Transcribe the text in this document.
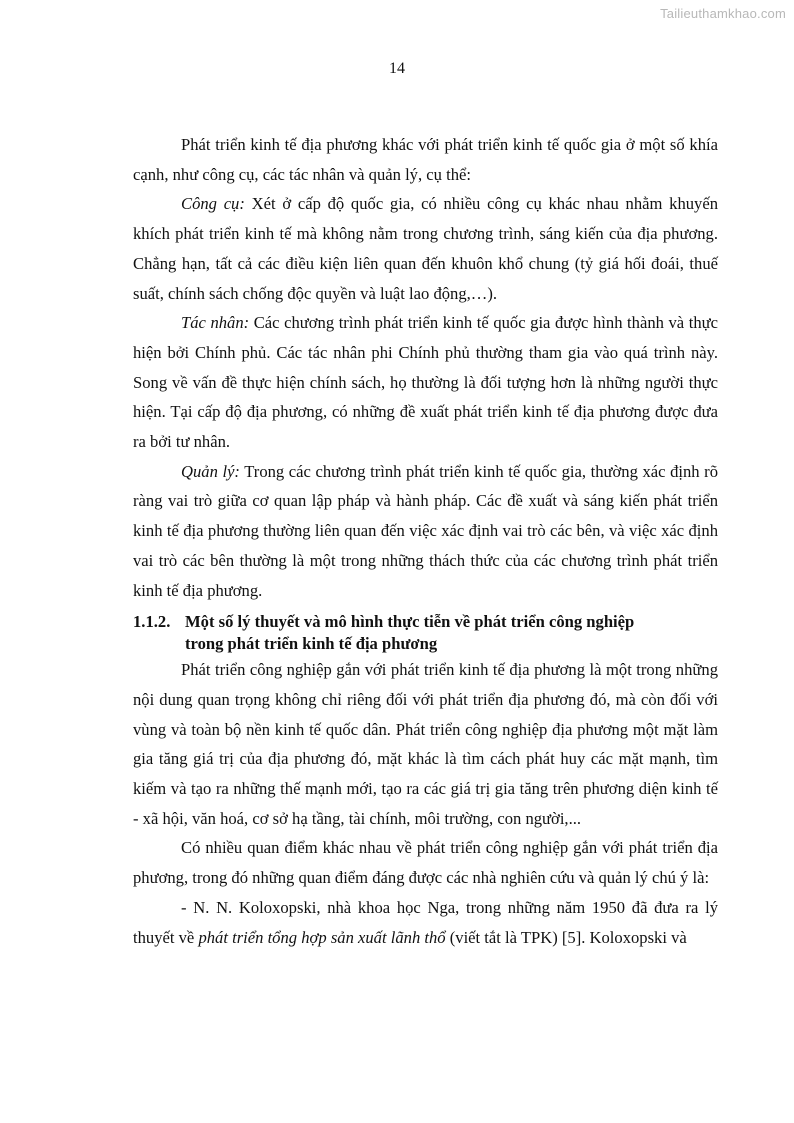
Tailieuthamkhao.com
14

Phát triển kinh tế địa phương khác với phát triển kinh tế quốc gia ở một số khía cạnh, như công cụ, các tác nhân và quản lý, cụ thể:

Công cụ: Xét ở cấp độ quốc gia, có nhiều công cụ khác nhau nhằm khuyến khích phát triển kinh tế mà không nằm trong chương trình, sáng kiến của địa phương. Chẳng hạn, tất cả các điều kiện liên quan đến khuôn khổ chung (tỷ giá hối đoái, thuế suất, chính sách chống độc quyền và luật lao động,…).

Tác nhân: Các chương trình phát triển kinh tế quốc gia được hình thành và thực hiện bởi Chính phủ. Các tác nhân phi Chính phủ thường tham gia vào quá trình này. Song về vấn đề thực hiện chính sách, họ thường là đối tượng hơn là những người thực hiện. Tại cấp độ địa phương, có những đề xuất phát triển kinh tế địa phương được đưa ra bởi tư nhân.

Quản lý: Trong các chương trình phát triển kinh tế quốc gia, thường xác định rõ ràng vai trò giữa cơ quan lập pháp và hành pháp. Các đề xuất và sáng kiến phát triển kinh tế địa phương thường liên quan đến việc xác định vai trò các bên, và việc xác định vai trò các bên thường là một trong những thách thức của các chương trình phát triển kinh tế địa phương.

1.1.2. Một số lý thuyết và mô hình thực tiễn về phát triển công nghiệp
trong phát triển kinh tế địa phương

Phát triển công nghiệp gắn với phát triển kinh tế địa phương là một trong những nội dung quan trọng không chỉ riêng đối với phát triển địa phương đó, mà còn đối với vùng và toàn bộ nền kinh tế quốc dân. Phát triển công nghiệp địa phương một mặt làm gia tăng giá trị của địa phương đó, mặt khác là tìm cách phát huy các mặt mạnh, tìm kiếm và tạo ra những thế mạnh mới, tạo ra các giá trị gia tăng trên phương diện kinh tế - xã hội, văn hoá, cơ sở hạ tầng, tài chính, môi trường, con người,...

Có nhiều quan điểm khác nhau về phát triển công nghiệp gắn với phát triển địa phương, trong đó những quan điểm đáng được các nhà nghiên cứu và quản lý chú ý là:

- N. N. Koloxopski, nhà khoa học Nga, trong những năm 1950 đã đưa ra lý thuyết về phát triển tổng hợp sản xuất lãnh thổ (viết tắt là TPK) [5]. Koloxopski và
